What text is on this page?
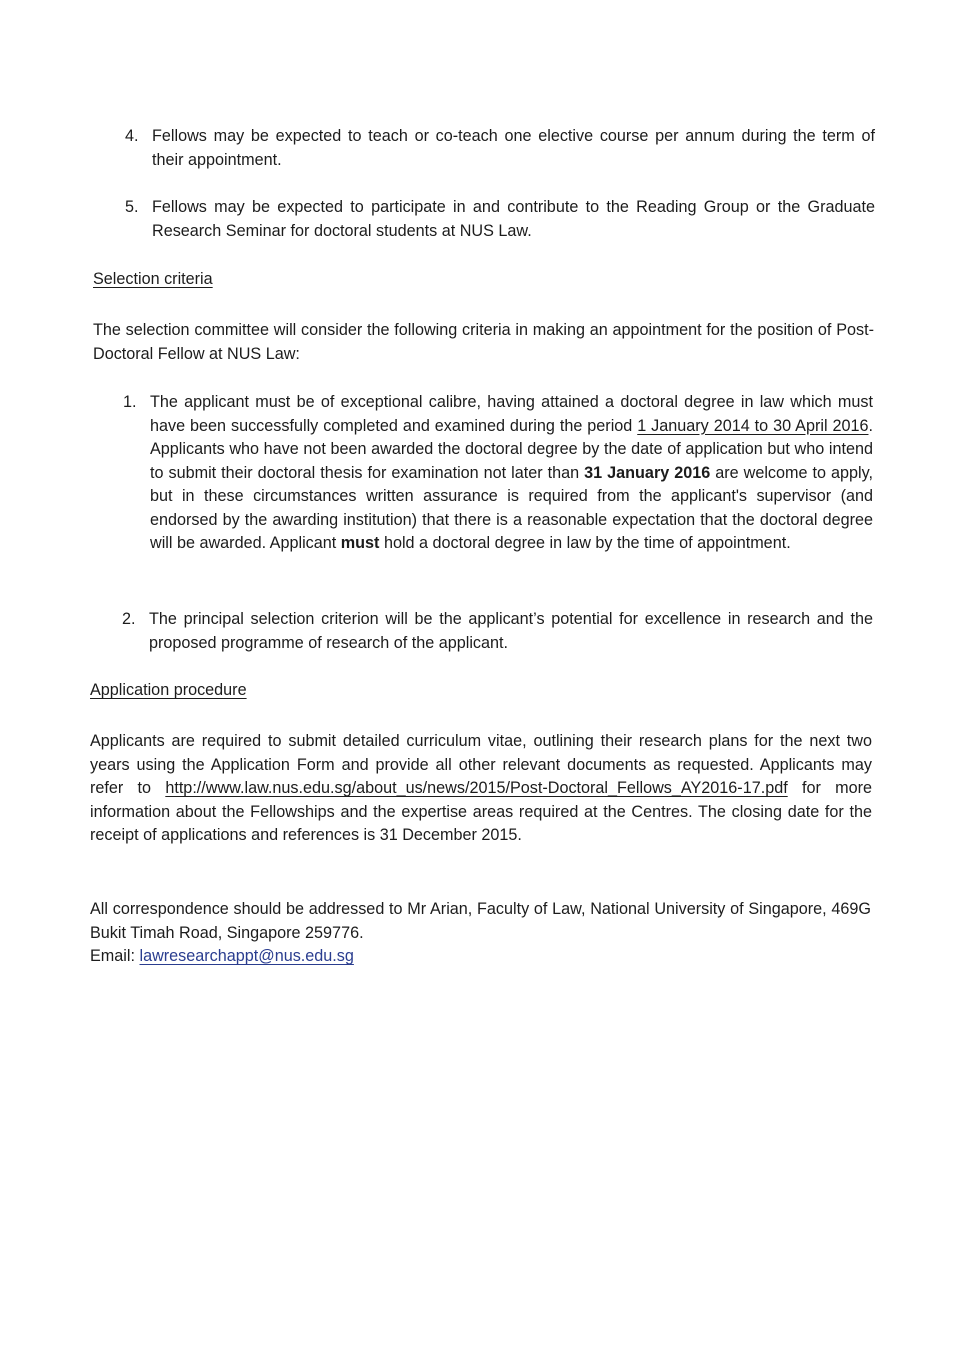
4. Fellows may be expected to teach or co-teach one elective course per annum during the term of their appointment.
5. Fellows may be expected to participate in and contribute to the Reading Group or the Graduate Research Seminar for doctoral students at NUS Law.
Selection criteria
The selection committee will consider the following criteria in making an appointment for the position of Post-Doctoral Fellow at NUS Law:
1. The applicant must be of exceptional calibre, having attained a doctoral degree in law which must have been successfully completed and examined during the period 1 January 2014 to 30 April 2016. Applicants who have not been awarded the doctoral degree by the date of application but who intend to submit their doctoral thesis for examination not later than 31 January 2016 are welcome to apply, but in these circumstances written assurance is required from the applicant's supervisor (and endorsed by the awarding institution) that there is a reasonable expectation that the doctoral degree will be awarded. Applicant must hold a doctoral degree in law by the time of appointment.
2. The principal selection criterion will be the applicant’s potential for excellence in research and the proposed programme of research of the applicant.
Application procedure
Applicants are required to submit detailed curriculum vitae, outlining their research plans for the next two years using the Application Form and provide all other relevant documents as requested. Applicants may refer to http://www.law.nus.edu.sg/about_us/news/2015/Post-Doctoral_Fellows_AY2016-17.pdf for more information about the Fellowships and the expertise areas required at the Centres. The closing date for the receipt of applications and references is 31 December 2015.
All correspondence should be addressed to Mr Arian, Faculty of Law, National University of Singapore, 469G Bukit Timah Road, Singapore 259776.
Email: lawresearchappt@nus.edu.sg
